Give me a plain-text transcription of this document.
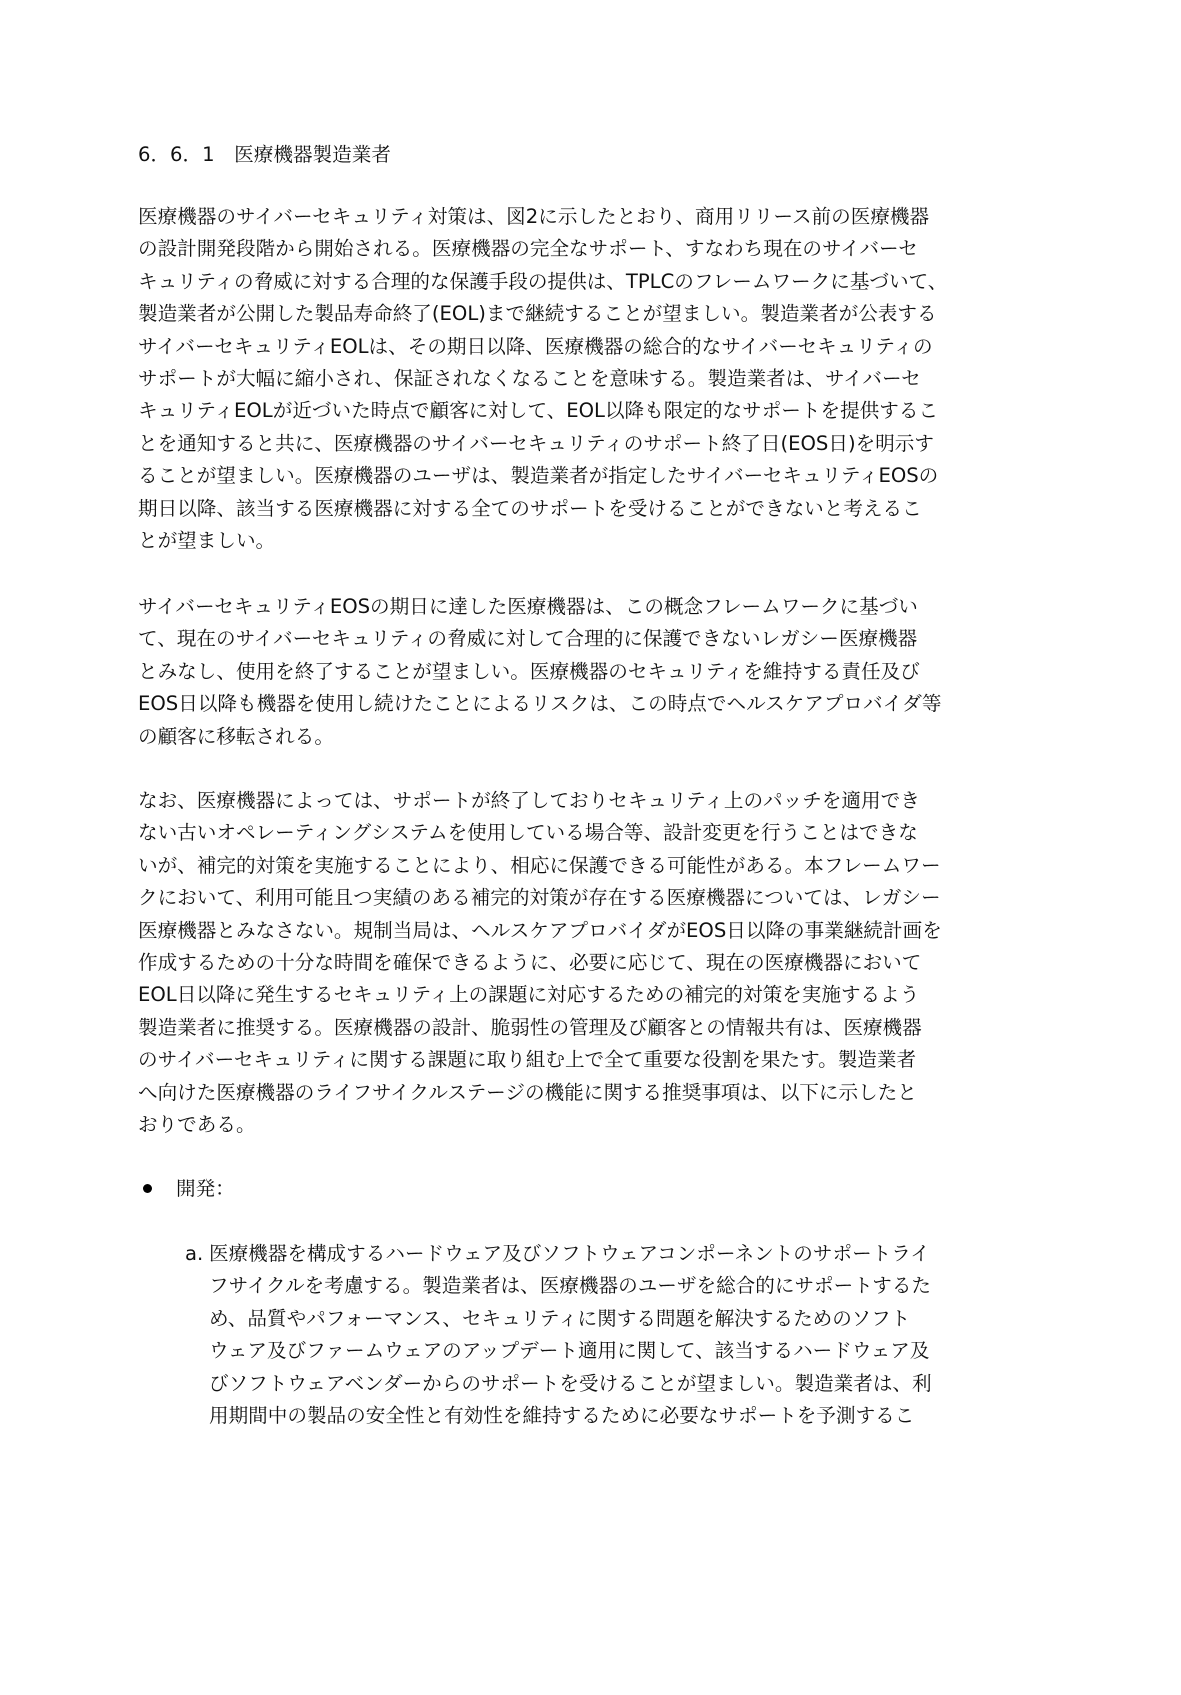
6．6．1　医療機器製造業者
医療機器のサイバーセキュリティ対策は、図2に示したとおり、商用リリース前の医療機器
の設計開発段階から開始される。医療機器の完全なサポート、すなわち現在のサイバーセ
キュリティの脅威に対する合理的な保護手段の提供は、TPLCのフレームワークに基づいて、
製造業者が公開した製品寿命終了(EOL)まで継続することが望ましい。製造業者が公表する
サイバーセキュリティEOLは、その期日以降、医療機器の総合的なサイバーセキュリティの
サポートが大幅に縮小され、保証されなくなることを意味する。製造業者は、サイバーセ
キュリティEOLが近づいた時点で顧客に対して、EOL以降も限定的なサポートを提供するこ
とを通知すると共に、医療機器のサイバーセキュリティのサポート終了日(EOS日)を明示す
ることが望ましい。医療機器のユーザは、製造業者が指定したサイバーセキュリティEOSの
期日以降、該当する医療機器に対する全てのサポートを受けることができないと考えるこ
とが望ましい。
サイバーセキュリティEOSの期日に達した医療機器は、この概念フレームワークに基づい
て、現在のサイバーセキュリティの脅威に対して合理的に保護できないレガシー医療機器
とみなし、使用を終了することが望ましい。医療機器のセキュリティを維持する責任及び
EOS日以降も機器を使用し続けたことによるリスクは、この時点でヘルスケアプロバイダ等
の顧客に移転される。
なお、医療機器によっては、サポートが終了しておりセキュリティ上のパッチを適用でき
ない古いオペレーティングシステムを使用している場合等、設計変更を行うことはできな
いが、補完的対策を実施することにより、相応に保護できる可能性がある。本フレームワー
クにおいて、利用可能且つ実績のある補完的対策が存在する医療機器については、レガシー
医療機器とみなさない。規制当局は、ヘルスケアプロバイダがEOS日以降の事業継続計画を
作成するための十分な時間を確保できるように、必要に応じて、現在の医療機器において
EOL日以降に発生するセキュリティ上の課題に対応するための補完的対策を実施するよう
製造業者に推奨する。医療機器の設計、脆弱性の管理及び顧客との情報共有は、医療機器
のサイバーセキュリティに関する課題に取り組む上で全て重要な役割を果たす。製造業者
へ向けた医療機器のライフサイクルステージの機能に関する推奨事項は、以下に示したと
おりである。
開発：
a. 医療機器を構成するハードウェア及びソフトウェアコンポーネントのサポートライ
フサイクルを考慮する。製造業者は、医療機器のユーザを総合的にサポートするた
め、品質やパフォーマンス、セキュリティに関する問題を解決するためのソフト
ウェア及びファームウェアのアップデート適用に関して、該当するハードウェア及
びソフトウェアベンダーからのサポートを受けることが望ましい。製造業者は、利
用期間中の製品の安全性と有効性を維持するために必要なサポートを予測するこ
